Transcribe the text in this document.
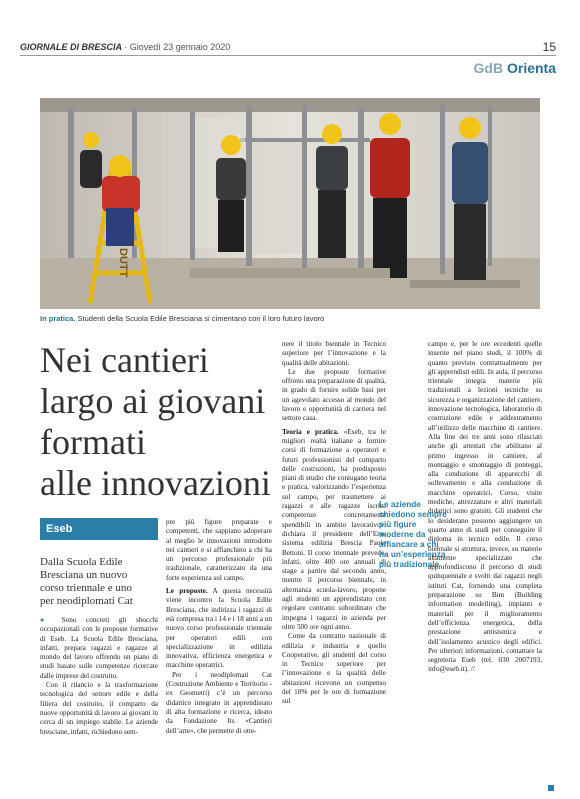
GIORNALE DI BRESCIA · Giovedì 23 gennaio 2020	15
GdB Orienta
DUTT
In pratica. Studenti della Scuola Edile Bresciana si cimentano con il loro futuro lavoro
Nei cantieri
largo ai giovani
formati
alle innovazioni
Eseb
Dalla Scuola Edile
Bresciana un nuovo
corso triennale e uno
per neodiplomati Cat

● Sono concreti gli sbocchi occupazionali con le proposte formative di Eseb. La Scuola Edile Bresciana, infatti, prepara ragazzi e ragazze al mondo del lavoro offrendo un piano di studi basato sulle competenze ricercate dalle imprese del costruito.

Con il rilancio e la trasformazione tecnologica del settore edile e della filiera del costruito, il comparto da nuove opportunità di lavoro ai giovani in cerca di un impiego stabile. Le aziende bresciane, infatti, richiedono sem-

pre più figure preparate e competenti, che sappiano adoperare al meglio le innovazioni introdotte nei cantieri e si affianchino a chi ha un percorso professionale più tradizionale, caratterizzato da una forte esperienza sul campo.

Le proposte. A questa necessità viene incontro la Scuola Edile Bresciana, che indirizza i ragazzi di età compresa tra i 14 e i 18 anni a un nuovo corso professionale triennale per operatori edili con specializzazione in edilizia innovativa, efficienza energetica e macchine operatrici.

Per i neodiplomati Cat (Costruzione Ambiente e Territorio - ex Geometri) c’è un percorso didattico integrato in apprendistato di alta formazione e ricerca, ideato da Fondazione Its «Cantieri dell’arte», che permette di otte-

nere il titolo biennale in Tecnico superiore per l’innovazione e la qualità delle abitazioni.

Le due proposte formative offrono una preparazione di qualità, in grado di fornire solide basi per un agevolato accesso al mondo del lavoro e opportunità di carriera nel settore casa.

Teoria e pratica. «Eseb, tra le migliori realtà italiane a fornire corsi di formazione a operatori e futuri professionisti del comparto delle costruzioni, ha predisposto piani di studio che coniugano teoria e pratica, valorizzando l’esperienza sul campo, per trasmettere ai ragazzi e alle ragazze iscritti competenze concretamente spendibili in ambito lavorativo», dichiara il presidente dell’Ente sistema edilizia Brescia Paolo Bettoni. Il corso triennale prevede, infatti, oltre 400 ore annuali di stage a partire dal secondo anno, mentre il percorso biennale, in alternanza scuola-lavoro, propone agli studenti un apprendistato con regolare contratto subordinato che impegna i ragazzi in azienda per oltre 500 ore ogni anno.

Come da contratto nazionale di edilizia e industria e quello Cooperative, gli studenti del corso in Tecnico superiore per l’innovazione e la qualità delle abitazioni ricevono un compenso del 10% per le ore di formazione sul

Le aziende
chiedono sempre
più figure
moderne da
affiancare a chi
ha un’esperienza
più tradizionale

campo e, per le ore eccedenti quelle inserite nel piano studi, il 100% di quanto previsto contrattualmente per gli apprendisti edili. In aula, il percorso triennale integra materie più tradizionali a lezioni tecniche su sicurezza e organizzazione del cantiere, innovazione tecnologica, laboratorio di costruzione edile e addestramento all’utilizzo delle macchine di cantiere. Alla fine dei tre anni sono rilasciati anche gli attestati che abilitano al primo ingresso in cantiere, al montaggio e smontaggio di ponteggi, alla conduzione di apparecchi di sollevamento e alla conduzione di macchine operatrici. Corso, visite mediche, attrezzature e altri materiali didattici sono gratuiti. Gli studenti che lo desiderano possono aggiungere un quarto anno di studi per conseguire il diploma in tecnico edile. Il corso biennale si struttura, invece, su materie altamente specializzate che approfondiscono il percorso di studi quinquennale e svolti dai ragazzi negli istituti Cat, fornendo una completa preparazione su Bim (Building information modelling), impianti e materiali per il miglioramento dell’efficienza energetica, della prestazione antisismica e dell’isolamento acustico degli edifici. Per ulteriori informazioni, contattare la segreteria Eseb (tel. 030 2007193, info@eseb.it). //
